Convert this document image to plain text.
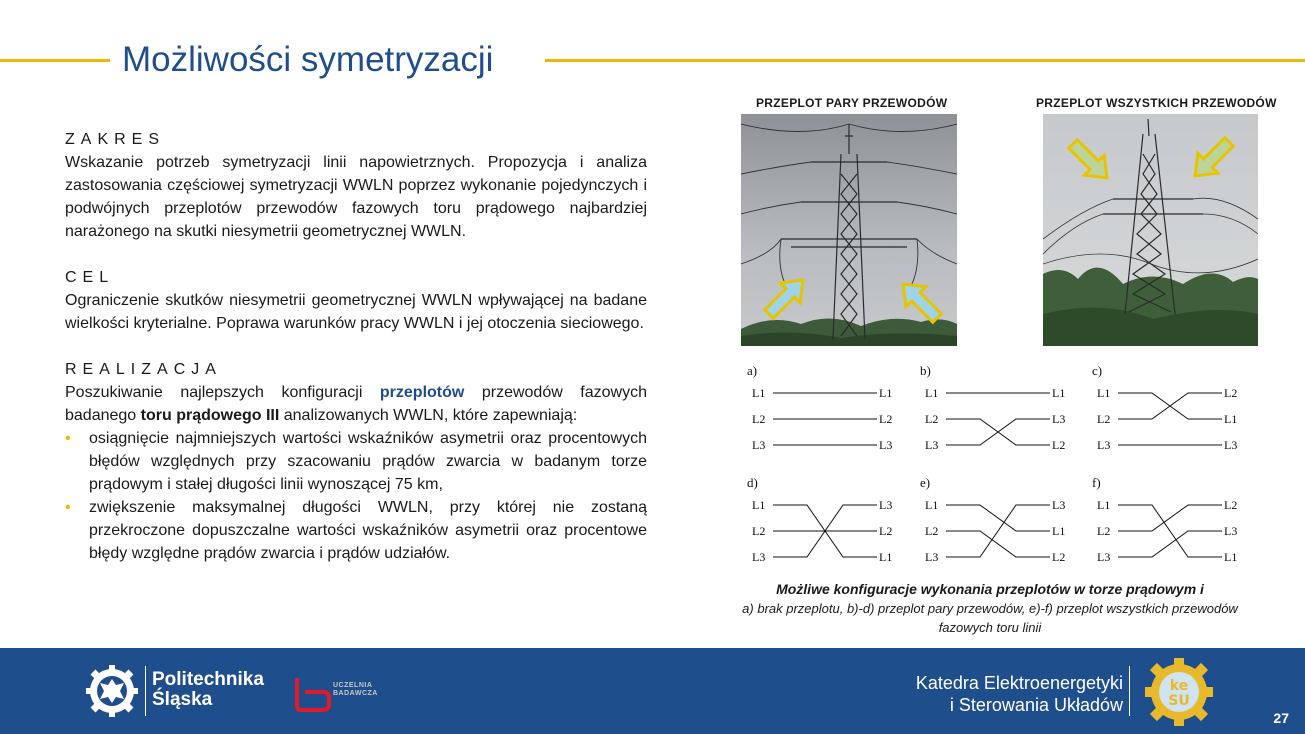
Możliwości symetryzacji
ZAKRES
Wskazanie potrzeb symetryzacji linii napowietrznych. Propozycja i analiza zastosowania częściowej symetryzacji WWLN poprzez wykonanie pojedynczych i podwójnych przeplotów przewodów fazowych toru prądowego najbardziej narażonego na skutki niesymetrii geometrycznej WWLN.
CEL
Ograniczenie skutków niesymetrii geometrycznej WWLN wpływającej na badane wielkości kryterialne. Poprawa warunków pracy WWLN i jej otoczenia sieciowego.
REALIZACJA
Poszukiwanie najlepszych konfiguracji przeplotów przewodów fazowych badanego toru prądowego III analizowanych WWLN, które zapewniają:
• osiągnięcie najmniejszych wartości wskaźników asymetrii oraz procentowych błędów względnych przy szacowaniu prądów zwarcia w badanym torze prądowym i stałej długości linii wynoszącej 75 km,
• zwiększenie maksymalnej długości WWLN, przy której nie zostaną przekroczone dopuszczalne wartości wskaźników asymetrii oraz procentowe błędy względne prądów zwarcia i prądów udziałów.
PRZEPLOT PARY PRZEWODÓW	PRZEPLOT WSZYSTKICH PRZEWODÓW
a)
L1
L2
L3
L1
L2
L3
b)
L1
L2
L3
L1
L3
L2
c)
L1
L2
L3
L2
L1
L3
d)
L1
L2
L3
L3
L2
L1
e)
L1
L2
L3
L3
L1
L2
f)
L1
L2
L3
L2
L3
L1
Możliwe konfiguracje wykonania przeplotów w torze prądowym i
a) brak przeplotu, b)-d) przeplot pary przewodów, e)-f) przeplot wszystkich przewodów fazowych toru linii
Politechnika
Śląska
UCZELNIA
BADAWCZA
Katedra Elektroenergetyki
i Sterowania Układów
ke
SU
27
